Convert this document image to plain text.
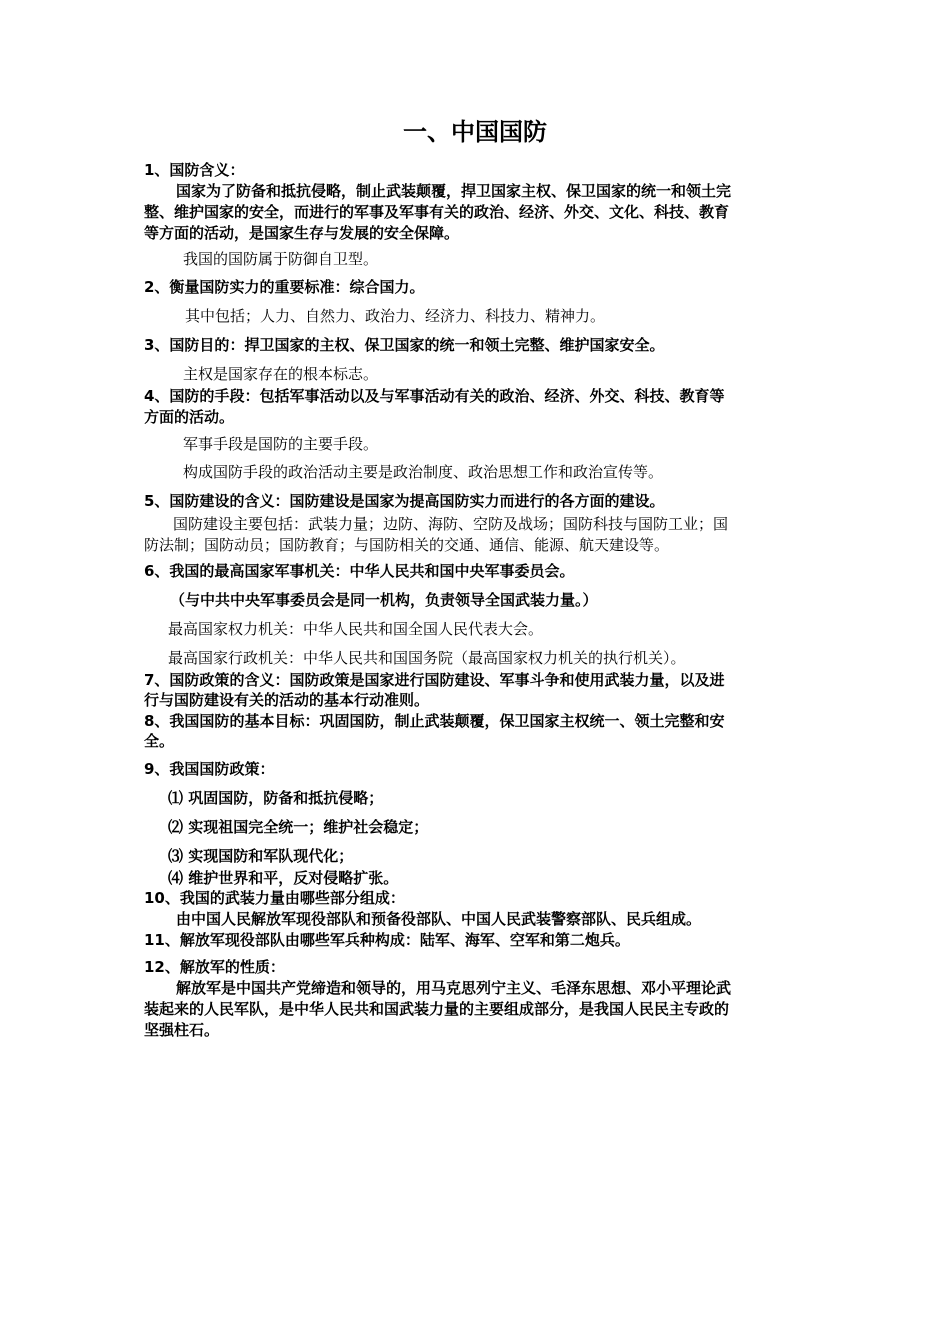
一、中国国防
1、国防含义：
国家为了防备和抵抗侵略，制止武装颠覆，捍卫国家主权、保卫国家的统一和领土完
整、维护国家的安全，而进行的军事及军事有关的政治、经济、外交、文化、科技、教育
等方面的活动，是国家生存与发展的安全保障。
我国的国防属于防御自卫型。
2、衡量国防实力的重要标准：综合国力。
其中包括；人力、自然力、政治力、经济力、科技力、精神力。
3、国防目的：捍卫国家的主权、保卫国家的统一和领土完整、维护国家安全。
主权是国家存在的根本标志。
4、国防的手段：包括军事活动以及与军事活动有关的政治、经济、外交、科技、教育等
方面的活动。
军事手段是国防的主要手段。
构成国防手段的政治活动主要是政治制度、政治思想工作和政治宣传等。
5、国防建设的含义：国防建设是国家为提高国防实力而进行的各方面的建设。
国防建设主要包括：武装力量；边防、海防、空防及战场；国防科技与国防工业；国
防法制；国防动员；国防教育；与国防相关的交通、通信、能源、航天建设等。
6、我国的最高国家军事机关：中华人民共和国中央军事委员会。
（与中共中央军事委员会是同一机构，负责领导全国武装力量。）
最高国家权力机关：中华人民共和国全国人民代表大会。
最高国家行政机关：中华人民共和国国务院（最高国家权力机关的执行机关）。
7、国防政策的含义：国防政策是国家进行国防建设、军事斗争和使用武装力量，以及进
行与国防建设有关的活动的基本行动准则。
8、我国国防的基本目标：巩固国防，制止武装颠覆，保卫国家主权统一、领土完整和安
全。
9、我国国防政策：
⑴ 巩固国防，防备和抵抗侵略；
⑵ 实现祖国完全统一；维护社会稳定；
⑶ 实现国防和军队现代化；
⑷ 维护世界和平，反对侵略扩张。
10、我国的武装力量由哪些部分组成：
由中国人民解放军现役部队和预备役部队、中国人民武装警察部队、民兵组成。
11、解放军现役部队由哪些军兵种构成：陆军、海军、空军和第二炮兵。
12、解放军的性质：
解放军是中国共产党缔造和领导的，用马克思列宁主义、毛泽东思想、邓小平理论武
装起来的人民军队，是中华人民共和国武装力量的主要组成部分，是我国人民民主专政的
坚强柱石。
